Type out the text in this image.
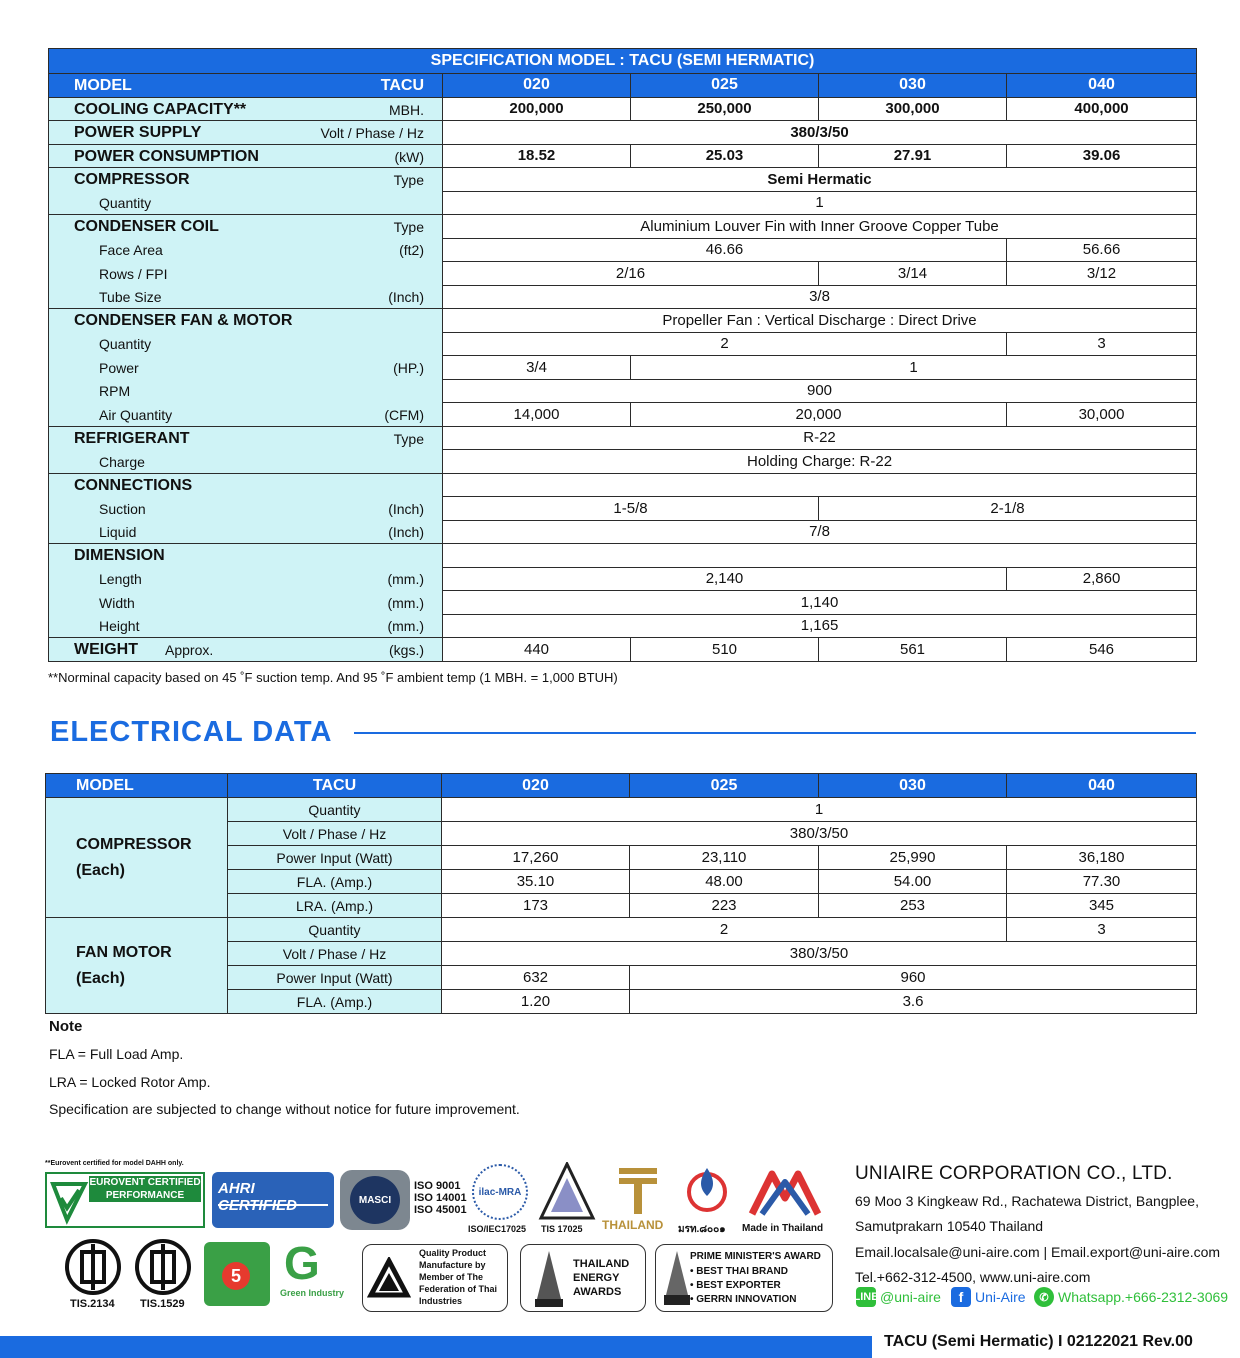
SPECIFICATION MODEL : TACU (SEMI HERMATIC)				

MODEL TACU	020	025	030	040

COOLING CAPACITY** MBH.	200,000	250,000	300,000	400,000

POWER SUPPLY Volt / Phase / Hz	380/3/50			

POWER CONSUMPTION (kW)	18.52	25.03	27.91	39.06

COMPRESSOR Type	Semi Hermatic			

Quantity	1			

CONDENSER COIL Type	Aluminium Louver Fin with Inner Groove Copper Tube			

Face Area (ft2)	46.66			56.66

Rows / FPI	2/16		3/14	3/12

Tube Size (Inch)	3/8			

CONDENSER FAN & MOTOR	Propeller Fan : Vertical Discharge : Direct Drive			

Quantity	2			3

Power (HP.)	3/4	1		

RPM	900			

Air Quantity (CFM)	14,000	20,000		30,000

REFRIGERANT Type	R-22			

Charge	Holding Charge: R-22			

CONNECTIONS				

Suction (Inch)	1-5/8		2-1/8	

Liquid (Inch)	7/8			

DIMENSION				

Length (mm.)	2,140			2,860

Width (mm.)	1,140			

Height (mm.)	1,165			

WEIGHT Approx. (kgs.)	440	510	561	546
**Norminal capacity based on 45 ˚F suction temp. And 95 ˚F ambient temp (1 MBH. = 1,000 BTUH)
ELECTRICAL DATA
MODEL	TACU	020	025	030	040

COMPRESSOR
(Each)	Quantity	1			
	Volt / Phase / Hz	380/3/50			
	Power Input (Watt)	17,260	23,110	25,990	36,180
	FLA. (Amp.)	35.10	48.00	54.00	77.30
	LRA. (Amp.)	173	223	253	345

FAN MOTOR
(Each)	Quantity	2			3
	Volt / Phase / Hz	380/3/50			
	Power Input (Watt)	632	960		
	FLA. (Amp.)	1.20	3.6		
Note
FLA = Full Load Amp.
LRA = Locked Rotor Amp.
Specification are subjected to change without notice for future improvement.
**Eurovent certified for model DAHH only.
EUROVENT CERTIFIED PERFORMANCE	AHRI
MASCI
ISO 9001
ISO 14001
ISO 45001
ilac-MRA
ISO/IEC17025 TIS 17025 THAILAND มรท.๘๐๐๑ Made in Thailand
TIS.2134 TIS.1529
5 G
Green Industry
Quality Product Manufacture by Member of The Federation of Thai Industries
THAILAND ENERGY AWARDS
PRIME MINISTER'S AWARD
• BEST THAI BRAND
• BEST EXPORTER
• GERRN INNOVATION
UNIAIRE CORPORATION CO., LTD.
69 Moo 3 Kingkeaw Rd., Rachatewa District, Bangplee,
Samutprakarn 10540 Thailand
Email.localsale@uni-aire.com | Email.export@uni-aire.com
Tel.+662-312-4500, www.uni-aire.com
LINE @uni-aire	f Uni-Aire	✆ Whatsapp.+666-2312-3069
TACU (Semi Hermatic) I 02122021 Rev.00
